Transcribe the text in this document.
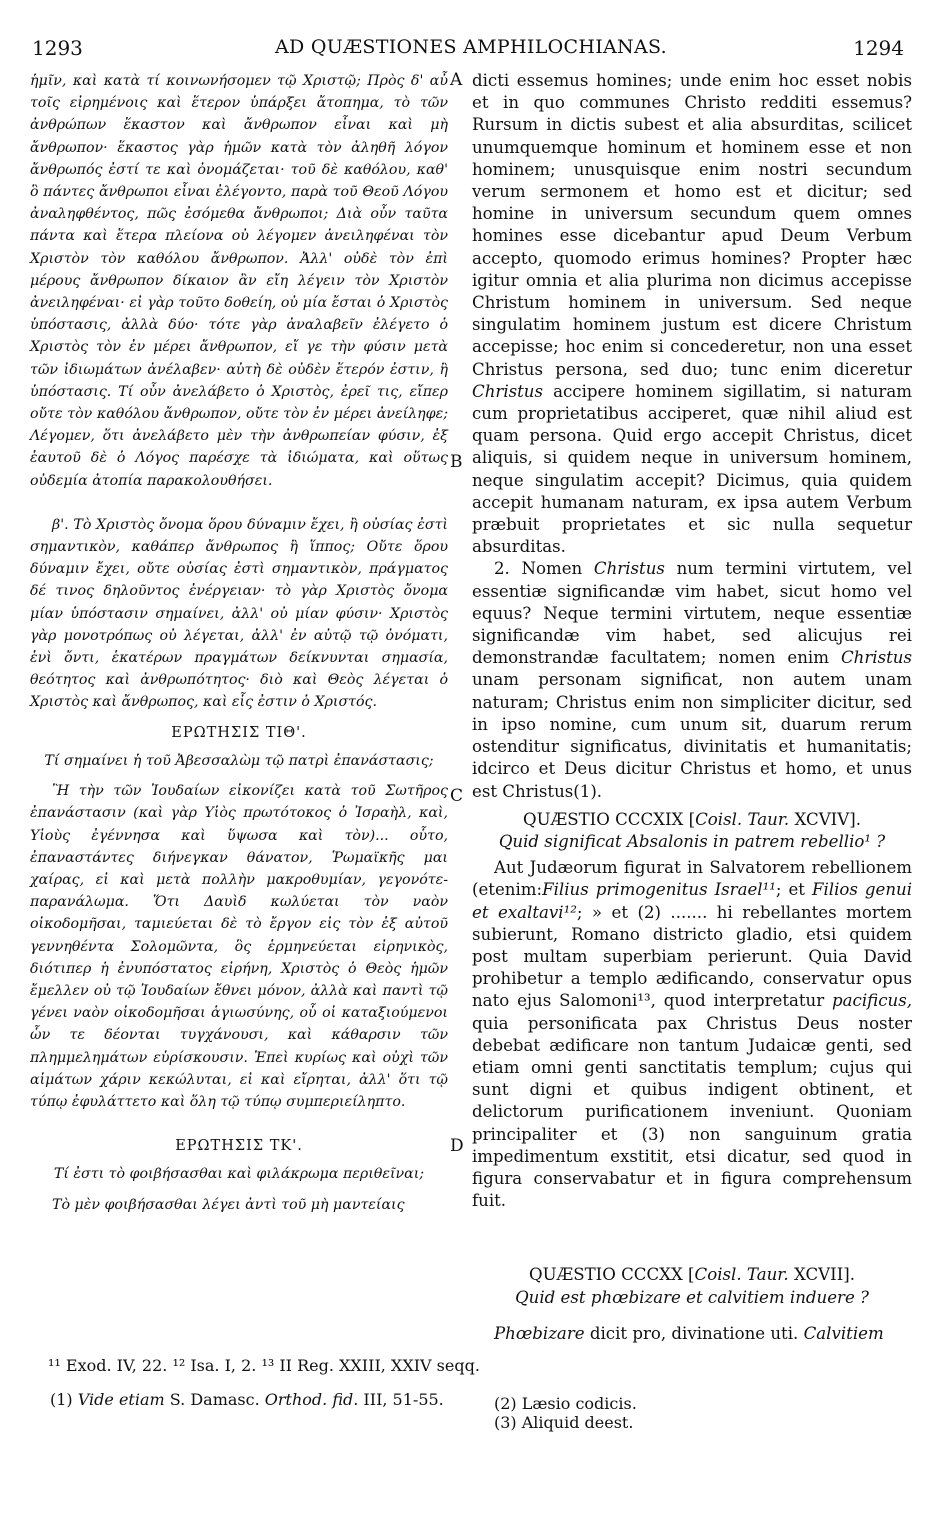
1293	AD QUÆSTIONES AMPHILOCHIANAS.	1294
A
B
C
D

ἡμῖν, καὶ κατὰ τί κοινωνήσομεν τῷ Χριστῷ; Πρὸς δ' αὖ τοῖς εἰρημένοις καὶ ἕτερον ὑπάρξει ἄτοπημα, τὸ τῶν ἀνθρώπων ἕκαστον καὶ ἄνθρωπον εἶναι καὶ μὴ ἄνθρωπον· ἕκαστος γὰρ ἡμῶν κατὰ τὸν ἀληθῆ λόγον ἄνθρωπός ἐστί τε καὶ ὀνομάζεται· τοῦ δὲ καθόλου, καθ' ὃ πάντες ἄνθρωποι εἶναι ἐλέγοντο, παρὰ τοῦ Θεοῦ Λόγου ἀναληφθέντος, πῶς ἐσόμεθα ἄνθρωποι; Διὰ οὖν ταῦτα πάντα καὶ ἕτερα πλείονα οὐ λέγομεν ἀνειληφέναι τὸν Χριστὸν τὸν καθόλου ἄνθρωπον. Ἀλλ' οὐδὲ τὸν ἐπὶ μέρους ἄνθρωπον δίκαιον ἂν εἴη λέγειν τὸν Χριστὸν ἀνειληφέναι· εἰ γὰρ τοῦτο δοθείη, οὐ μία ἔσται ὁ Χριστὸς ὑπόστασις, ἀλλὰ δύο· τότε γὰρ ἀναλαβεῖν ἐλέγετο ὁ Χριστὸς τὸν ἐν μέρει ἄνθρωπον, εἴ γε τὴν φύσιν μετὰ τῶν ἰδιωμάτων ἀνέλαβεν· αὐτὴ δὲ οὐδὲν ἕτερόν ἐστιν, ἢ ὑπόστασις. Τί οὖν ἀνελάβετο ὁ Χριστὸς, ἐρεῖ τις, εἴπερ οὔτε τὸν καθόλου ἄνθρωπον, οὔτε τὸν ἐν μέρει ἀνείληφε; Λέγομεν, ὅτι ἀνελάβετο μὲν τὴν ἀνθρωπείαν φύσιν, ἐξ ἑαυτοῦ δὲ ὁ Λόγος παρέσχε τὰ ἰδιώματα, καὶ οὕτως οὐδεμία ἀτοπία παρακολουθήσει.

β'. Τὸ Χριστὸς ὄνομα ὅρου δύναμιν ἔχει, ἢ οὐσίας ἐστὶ σημαντικὸν, καθάπερ ἄνθρωπος ἢ ἵππος; Οὔτε ὅρου δύναμιν ἔχει, οὔτε οὐσίας ἐστὶ σημαντικὸν, πράγματος δέ τινος δηλοῦντος ἐνέργειαν· τὸ γὰρ Χριστὸς ὄνομα μίαν ὑπόστασιν σημαίνει, ἀλλ' οὐ μίαν φύσιν· Χριστὸς γὰρ μονοτρόπως οὐ λέγεται, ἀλλ' ἐν αὐτῷ τῷ ὀνόματι, ἑνὶ ὄντι, ἑκατέρων πραγμάτων δείκνυνται σημασία, θεότητος καὶ ἀνθρωπότητος· διὸ καὶ Θεὸς λέγεται ὁ Χριστὸς καὶ ἄνθρωπος, καὶ εἷς ἐστιν ὁ Χριστός.

ΕΡΩΤΗΣΙΣ ΤΙΘ'.
Τί σημαίνει ἡ τοῦ Ἀβεσσαλὼμ τῷ πατρὶ ἐπανάστασις;

Ἢ τὴν τῶν Ἰουδαίων εἰκονίζει κατὰ τοῦ Σωτῆρος ἐπανάστασιν (καὶ γὰρ Υἱὸς πρωτότοκος ὁ Ἰσραὴλ, καὶ, Υἱοὺς ἐγέννησα καὶ ὕψωσα καὶ τὸν)... οὗτο, ἐπαναστάντες διήνεγκαν θάνατον, Ῥωμαϊκῆς μαι χαίρας, εἰ καὶ μετὰ πολλὴν μακροθυμίαν, γεγονότε- παρανάλωμα. Ὅτι Δαυὶδ κωλύεται τὸν ναὸν οἰκοδομῆσαι, ταμιεύεται δὲ τὸ ἔργον εἰς τὸν ἐξ αὐτοῦ γεννηθέντα Σολομῶντα, ὃς ἑρμηνεύεται εἰρηνικὸς, διότιπερ ἡ ἐνυπόστατος εἰρήνη, Χριστὸς ὁ Θεὸς ἡμῶν ἔμελλεν οὐ τῷ Ἰουδαίων ἔθνει μόνον, ἀλλὰ καὶ παντὶ τῷ γένει ναὸν οἰκοδομῆσαι ἁγιωσύνης, οὗ οἱ καταξιούμενοι ὧν τε δέονται τυγχάνουσι, καὶ κάθαρσιν τῶν πλημμελημάτων εὑρίσκουσιν. Ἐπεὶ κυρίως καὶ οὐχὶ τῶν αἱμάτων χάριν κεκώλυται, εἰ καὶ εἴρηται, ἀλλ' ὅτι τῷ τύπῳ ἐφυλάττετο καὶ ὅλη τῷ τύπῳ συμπεριείληπτο.

ΕΡΩΤΗΣΙΣ ΤΚ'.
Τί ἐστι τὸ φοιβήσασθαι καὶ φιλάκρωμα περιθεῖναι;

Τὸ μὲν φοιβήσασθαι λέγει ἀντὶ τοῦ μὴ μαντείαις

dicti essemus homines; unde enim hoc esset nobis et in quo communes Christo redditi essemus? Rursum in dictis subest et alia absurditas, scilicet unumquemque hominum et hominem esse et non hominem; unusquisque enim nostri secundum verum sermonem et homo est et dicitur; sed homine in universum secundum quem omnes homines esse dicebantur apud Deum Verbum accepto, quomodo erimus homines? Propter hæc igitur omnia et alia plurima non dicimus accepisse Christum hominem in universum. Sed neque singulatim hominem justum est dicere Christum accepisse; hoc enim si concederetur, non una esset Christus persona, sed duo; tunc enim diceretur Christus accipere hominem sigillatim, si naturam cum proprietatibus acciperet, quæ nihil aliud est quam persona. Quid ergo accepit Christus, dicet aliquis, si quidem neque in universum hominem, neque singulatim accepit? Dicimus, quia quidem accepit humanam naturam, ex ipsa autem Verbum præbuit proprietates et sic nulla sequetur absurditas.

2. Nomen Christus num termini virtutem, vel essentiæ significandæ vim habet, sicut homo vel equus? Neque termini virtutem, neque essentiæ significandæ vim habet, sed alicujus rei demonstrandæ facultatem; nomen enim Christus unam personam significat, non autem unam naturam; Christus enim non simpliciter dicitur, sed in ipso nomine, cum unum sit, duarum rerum ostenditur significatus, divinitatis et humanitatis; idcirco et Deus dicitur Christus et homo, et unus est Christus(1).

QUÆSTIO CCCXIX [Coisl. Taur. XCVIV].
Quid significat Absalonis in patrem rebellio¹ ?

Aut Judæorum figurat in Salvatorem rebellionem (etenim:Filius primogenitus Israel¹¹; et Filios genui et exaltavi¹²; » et (2) ....... hi rebellantes mortem subierunt, Romano districto gladio, etsi quidem post multam superbiam perierunt. Quia David prohibetur a templo ædificando, conservatur opus nato ejus Salomoni¹³, quod interpretatur pacificus, quia personificata pax Christus Deus noster debebat ædificare non tantum Judaicæ genti, sed etiam omni genti sanctitatis templum; cujus qui sunt digni et quibus indigent obtinent, et delictorum purificationem inveniunt. Quoniam principaliter et (3) non sanguinum gratia impedimentum exstitit, etsi dicatur, sed quod in figura conservabatur et in figura comprehensum fuit.

QUÆSTIO CCCXX [Coisl. Taur. XCVII].
Quid est phœbizare et calvitiem induere ?

Phœbizare dicit pro, divinatione uti. Calvitiem

¹¹ Exod. IV, 22. ¹² Isa. I, 2. ¹³ II Reg. XXIII, XXIV seqq.
(1) Vide etiam S. Damasc. Orthod. fid. III, 51-55.	(2) Læsio codicis.
(3) Aliquid deest.
